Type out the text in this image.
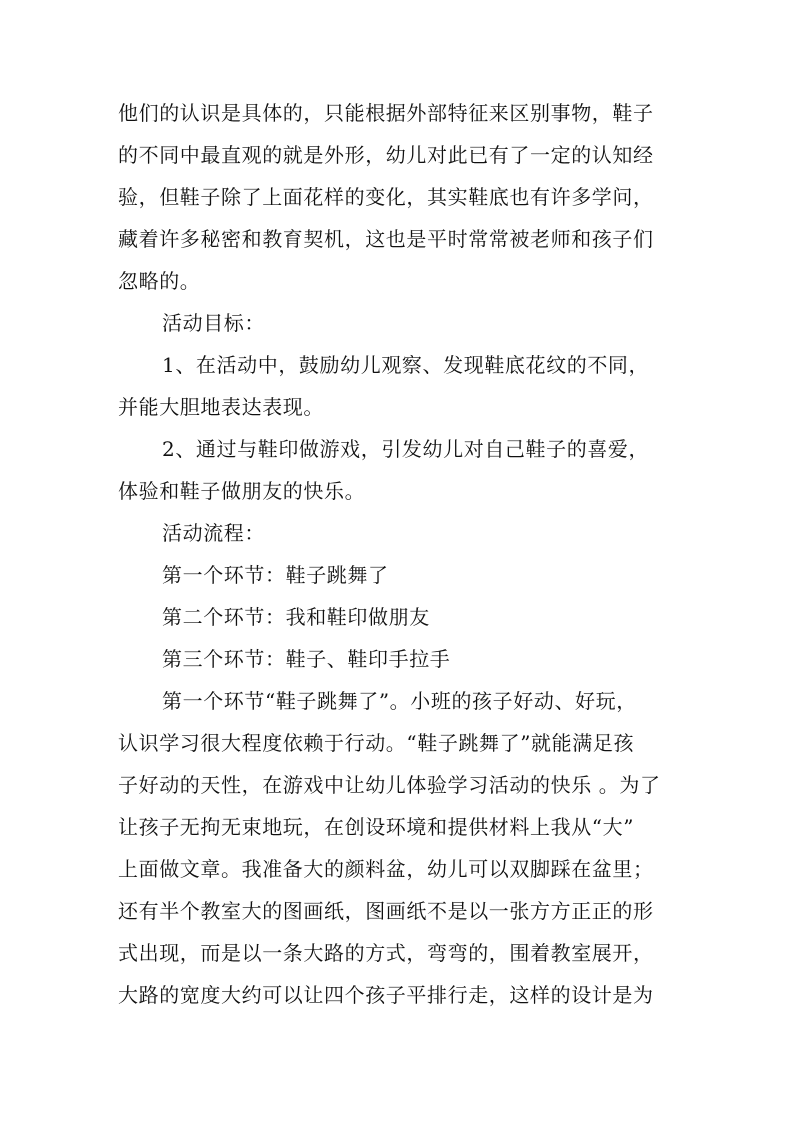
他们的认识是具体的，只能根据外部特征来区别事物，鞋子
的不同中最直观的就是外形，幼儿对此已有了一定的认知经
验，但鞋子除了上面花样的变化，其实鞋底也有许多学问，
藏着许多秘密和教育契机，这也是平时常常被老师和孩子们
忽略的。
活动目标：
1、在活动中，鼓励幼儿观察、发现鞋底花纹的不同，
并能大胆地表达表现。
2、通过与鞋印做游戏，引发幼儿对自己鞋子的喜爱，
体验和鞋子做朋友的快乐。
活动流程：
第一个环节：鞋子跳舞了
第二个环节：我和鞋印做朋友
第三个环节：鞋子、鞋印手拉手
第一个环节“鞋子跳舞了”。小班的孩子好动、好玩，
认识学习很大程度依赖于行动。“鞋子跳舞了”就能满足孩
子好动的天性，在游戏中让幼儿体验学习活动的快乐 。为了
让孩子无拘无束地玩，在创设环境和提供材料上我从“大”
上面做文章。我准备大的颜料盆，幼儿可以双脚踩在盆里；
还有半个教室大的图画纸，图画纸不是以一张方方正正的形
式出现，而是以一条大路的方式，弯弯的，围着教室展开，
大路的宽度大约可以让四个孩子平排行走，这样的设计是为
